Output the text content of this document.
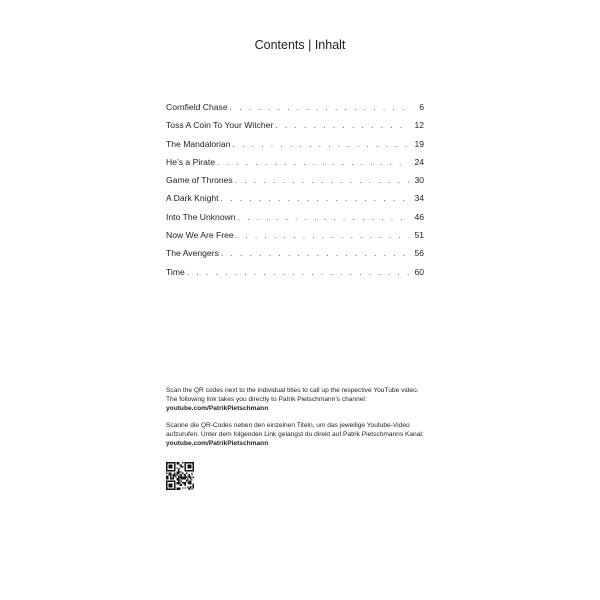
Contents | Inhalt
Cornfield Chase . . .	6
Toss A Coin To Your Witcher . . .	12
The Mandalorian . . .	19
He’s a Pirate . . .	24
Game of Thrones . . .	30
A Dark Knight . . .	34
Into The Unknown . . .	46
Now We Are Free . . .	51
The Avengers . . .	56
Time . . .	60

Scan the QR codes next to the individual titles to call up the respective YouTube video.
The following link takes you directly to Patrik Pietschmann’s channel:
youtube.com/PatrikPietschmann

Scanne die QR-Codes neben den einzelnen Titeln, um das jeweilige Youtube-Video
aufzurufen. Unter dem folgenden Link gelangst du direkt auf Patrik Pietschmanns Kanal:
youtube.com/PatrikPietschmann
